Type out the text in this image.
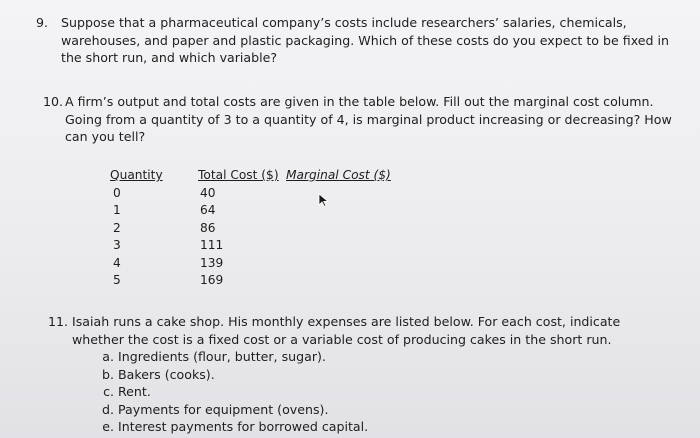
9. Suppose that a pharmaceutical company’s costs include researchers’ salaries, chemicals,
warehouses, and paper and plastic packaging. Which of these costs do you expect to be fixed in
the short run, and which variable?
10. A firm’s output and total costs are given in the table below. Fill out the marginal cost column.
Going from a quantity of 3 to a quantity of 4, is marginal product increasing or decreasing? How
can you tell?
Quantity	Total Cost ($) Marginal Cost ($)
0
1
2
3
4
5
40
64
86
111
139
169
11. Isaiah runs a cake shop. His monthly expenses are listed below. For each cost, indicate
whether the cost is a fixed cost or a variable cost of producing cakes in the short run.
a. Ingredients (flour, butter, sugar).
b. Bakers (cooks).
c. Rent.
d. Payments for equipment (ovens).
e. Interest payments for borrowed capital.
